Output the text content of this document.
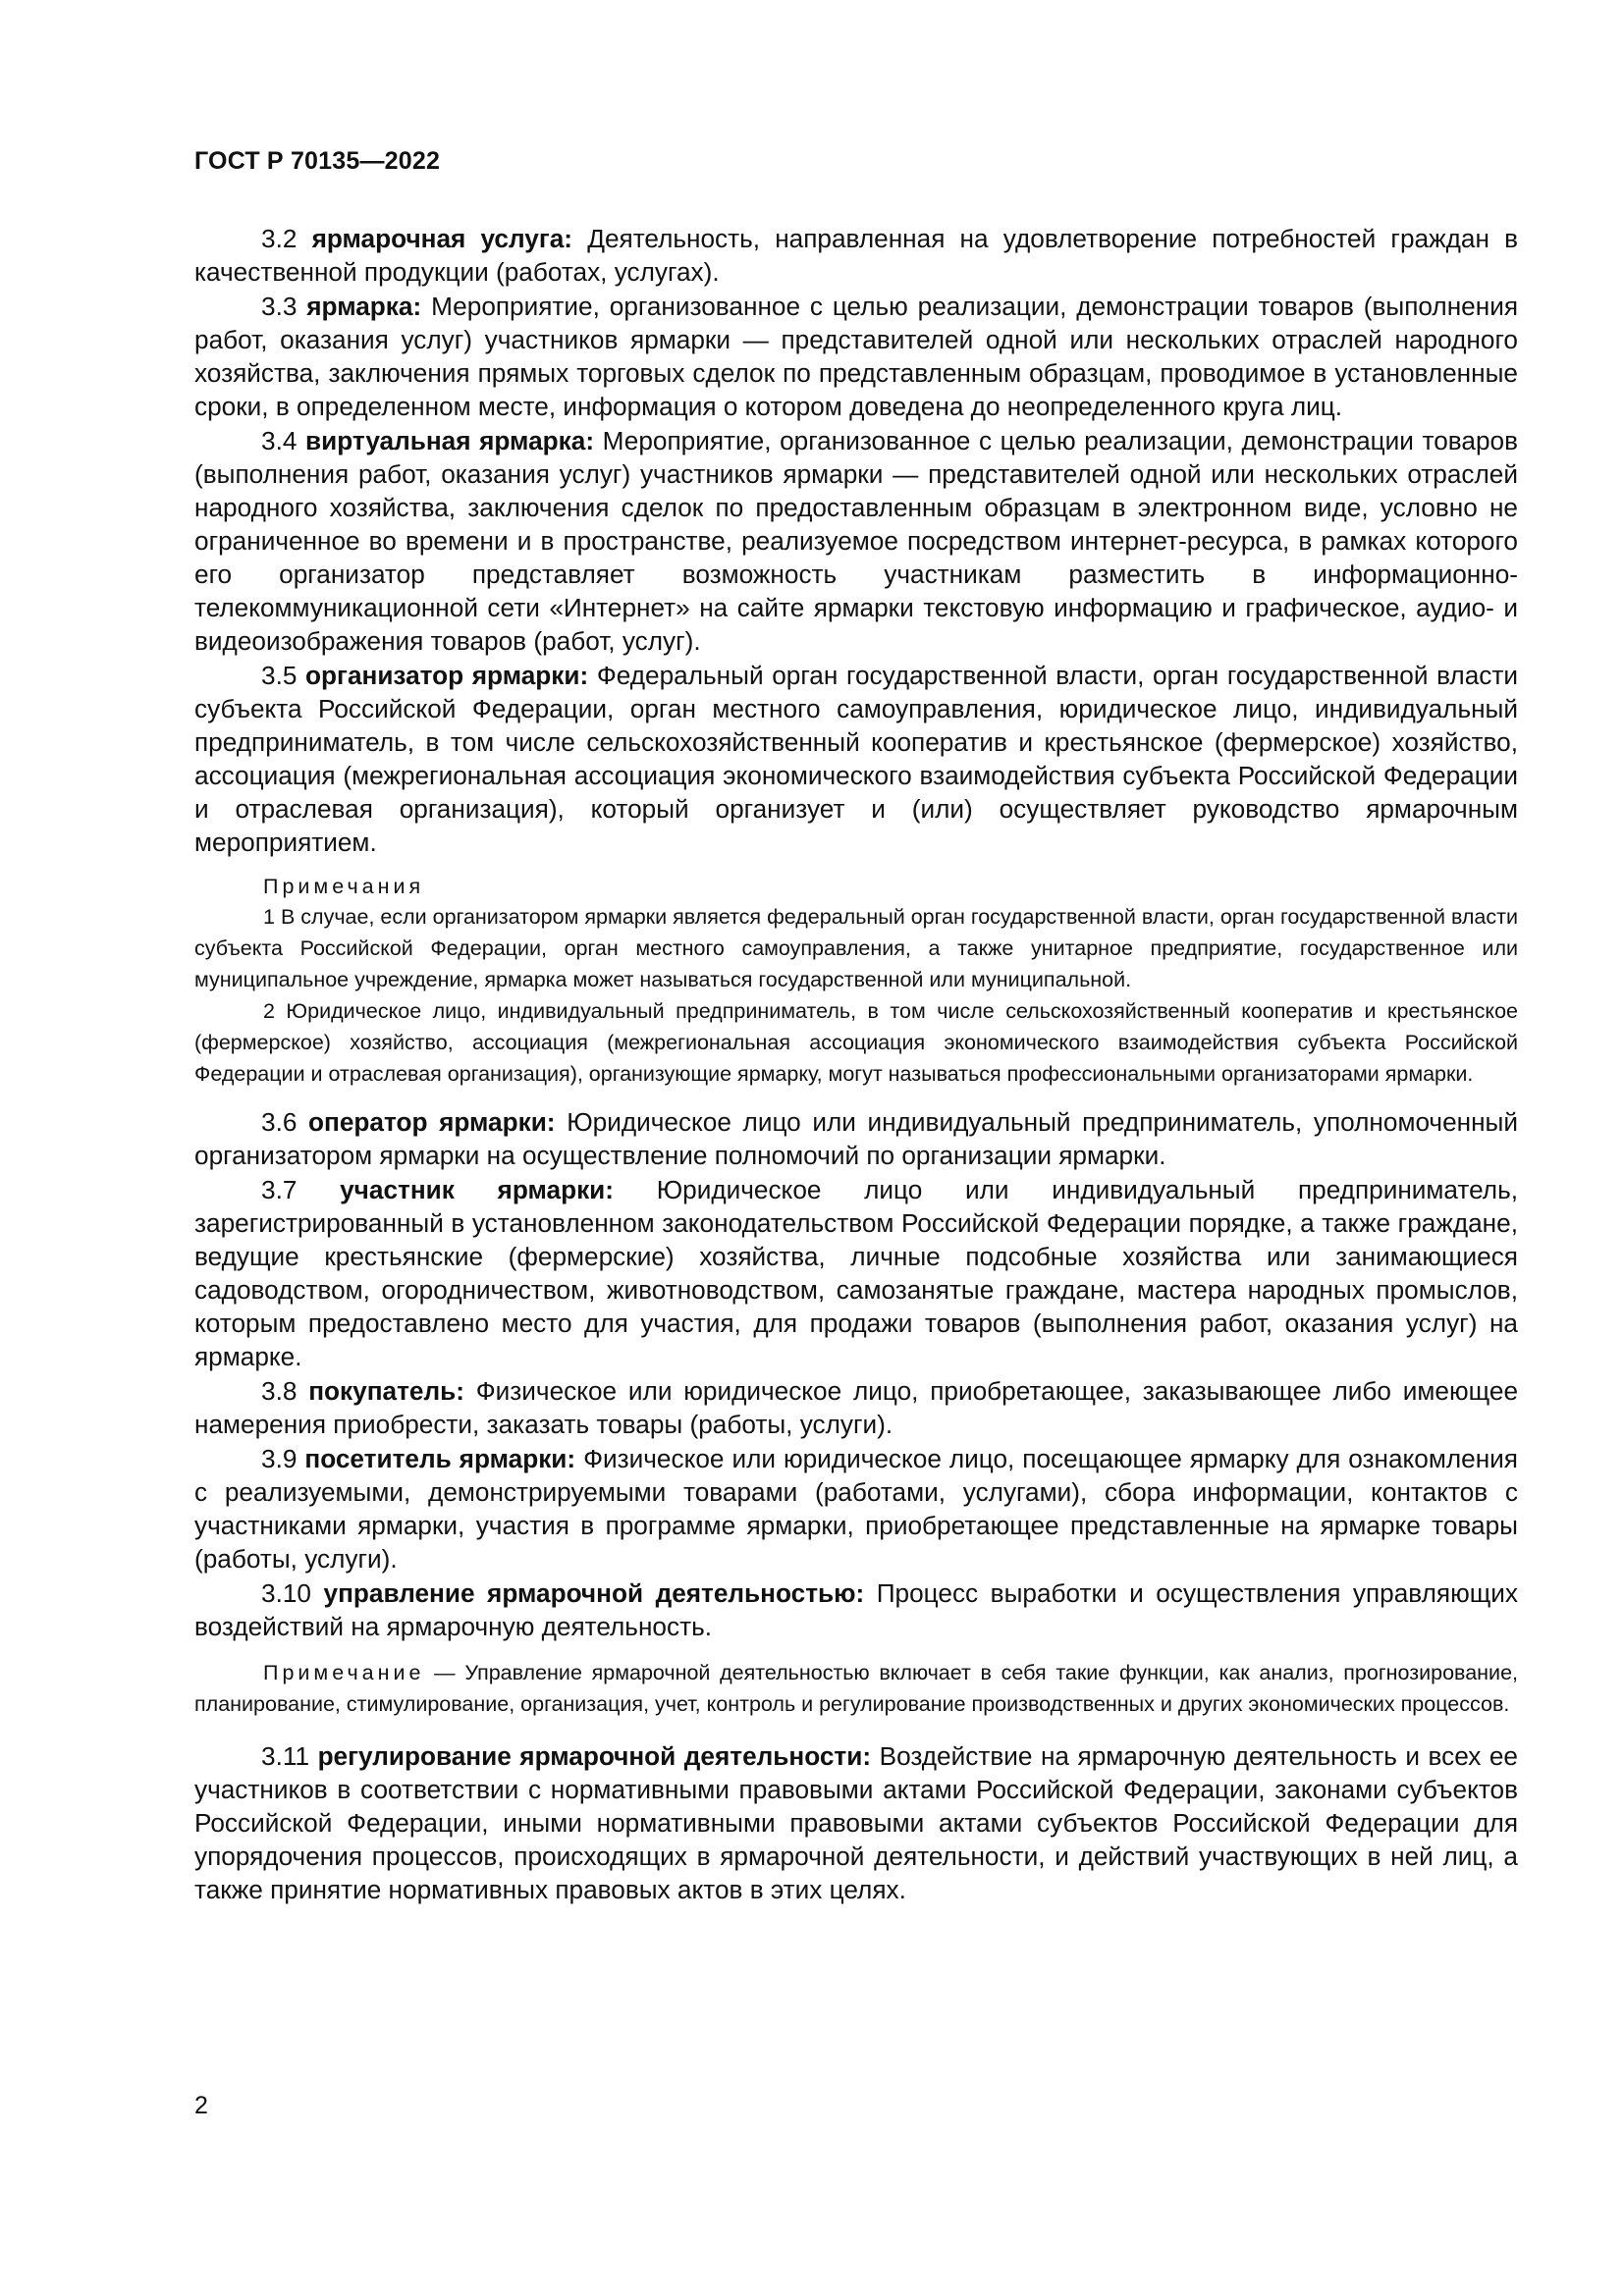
ГОСТ Р 70135—2022

3.2 ярмарочная услуга: Деятельность, направленная на удовлетворение потребностей граждан в качественной продукции (работах, услугах).

3.3 ярмарка: Мероприятие, организованное с целью реализации, демонстрации товаров (выполнения работ, оказания услуг) участников ярмарки — представителей одной или нескольких отраслей народного хозяйства, заключения прямых торговых сделок по представленным образцам, проводимое в установленные сроки, в определенном месте, информация о котором доведена до неопределенного круга лиц.

3.4 виртуальная ярмарка: Мероприятие, организованное с целью реализации, демонстрации товаров (выполнения работ, оказания услуг) участников ярмарки — представителей одной или нескольких отраслей народного хозяйства, заключения сделок по предоставленным образцам в электронном виде, условно не ограниченное во времени и в пространстве, реализуемое посредством интернет-ресурса, в рамках которого его организатор представляет возможность участникам разместить в информационно-телекоммуникационной сети «Интернет» на сайте ярмарки текстовую информацию и графическое, аудио- и видеоизображения товаров (работ, услуг).

3.5 организатор ярмарки: Федеральный орган государственной власти, орган государственной власти субъекта Российской Федерации, орган местного самоуправления, юридическое лицо, индивидуальный предприниматель, в том числе сельскохозяйственный кооператив и крестьянское (фермерское) хозяйство, ассоциация (межрегиональная ассоциация экономического взаимодействия субъекта Российской Федерации и отраслевая организация), который организует и (или) осуществляет руководство ярмарочным мероприятием.

Примечания

1 В случае, если организатором ярмарки является федеральный орган государственной власти, орган государственной власти субъекта Российской Федерации, орган местного самоуправления, а также унитарное предприятие, государственное или муниципальное учреждение, ярмарка может называться государственной или муниципальной.

2 Юридическое лицо, индивидуальный предприниматель, в том числе сельскохозяйственный кооператив и крестьянское (фермерское) хозяйство, ассоциация (межрегиональная ассоциация экономического взаимодействия субъекта Российской Федерации и отраслевая организация), организующие ярмарку, могут называться профессиональными организаторами ярмарки.

3.6 оператор ярмарки: Юридическое лицо или индивидуальный предприниматель, уполномоченный организатором ярмарки на осуществление полномочий по организации ярмарки.

3.7 участник ярмарки: Юридическое лицо или индивидуальный предприниматель, зарегистрированный в установленном законодательством Российской Федерации порядке, а также граждане, ведущие крестьянские (фермерские) хозяйства, личные подсобные хозяйства или занимающиеся садоводством, огородничеством, животноводством, самозанятые граждане, мастера народных промыслов, которым предоставлено место для участия, для продажи товаров (выполнения работ, оказания услуг) на ярмарке.

3.8 покупатель: Физическое или юридическое лицо, приобретающее, заказывающее либо имеющее намерения приобрести, заказать товары (работы, услуги).

3.9 посетитель ярмарки: Физическое или юридическое лицо, посещающее ярмарку для ознакомления с реализуемыми, демонстрируемыми товарами (работами, услугами), сбора информации, контактов с участниками ярмарки, участия в программе ярмарки, приобретающее представленные на ярмарке товары (работы, услуги).

3.10 управление ярмарочной деятельностью: Процесс выработки и осуществления управляющих воздействий на ярмарочную деятельность.

Примечание — Управление ярмарочной деятельностью включает в себя такие функции, как анализ, прогнозирование, планирование, стимулирование, организация, учет, контроль и регулирование производственных и других экономических процессов.

3.11 регулирование ярмарочной деятельности: Воздействие на ярмарочную деятельность и всех ее участников в соответствии с нормативными правовыми актами Российской Федерации, законами субъектов Российской Федерации, иными нормативными правовыми актами субъектов Российской Федерации для упорядочения процессов, происходящих в ярмарочной деятельности, и действий участвующих в ней лиц, а также принятие нормативных правовых актов в этих целях.

2
